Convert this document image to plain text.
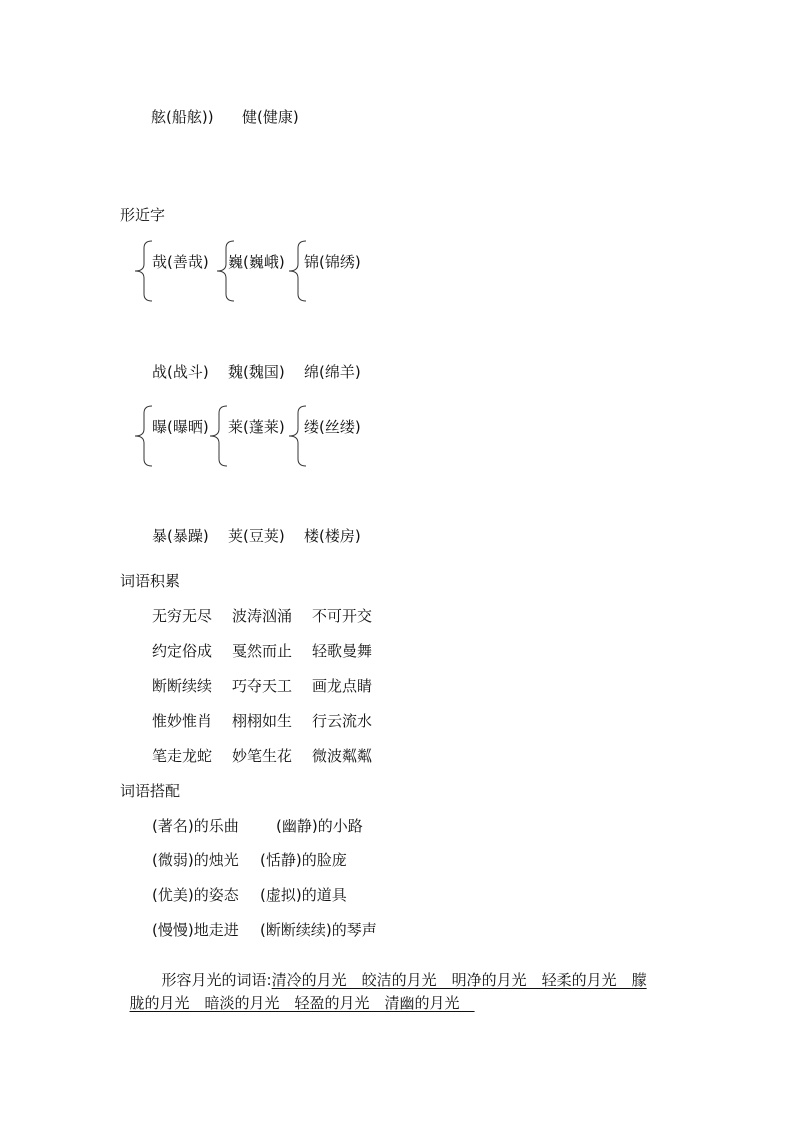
舷(船舷)) 健(健康)
形近字
哉(善哉) 巍(巍峨) 锦(锦绣)
战(战斗) 魏(魏国) 绵(绵羊)
曝(曝晒) 莱(蓬莱) 缕(丝缕)
暴(暴躁) 荚(豆荚) 楼(楼房)
词语积累
无穷无尽 波涛汹涌 不可开交
约定俗成 戛然而止 轻歌曼舞
断断续续 巧夺天工 画龙点睛
惟妙惟肖 栩栩如生 行云流水
笔走龙蛇 妙笔生花 微波粼粼
词语搭配
(著名)的乐曲 (幽静)的小路
(微弱)的烛光 (恬静)的脸庞
(优美)的姿态 (虚拟)的道具
(慢慢)地走进 (断断续续)的琴声

形容月光的词语:清冷的月光　皎洁的月光　明净的月光　轻柔的月光　朦

胧的月光　暗淡的月光　轻盈的月光　清幽的月光　
